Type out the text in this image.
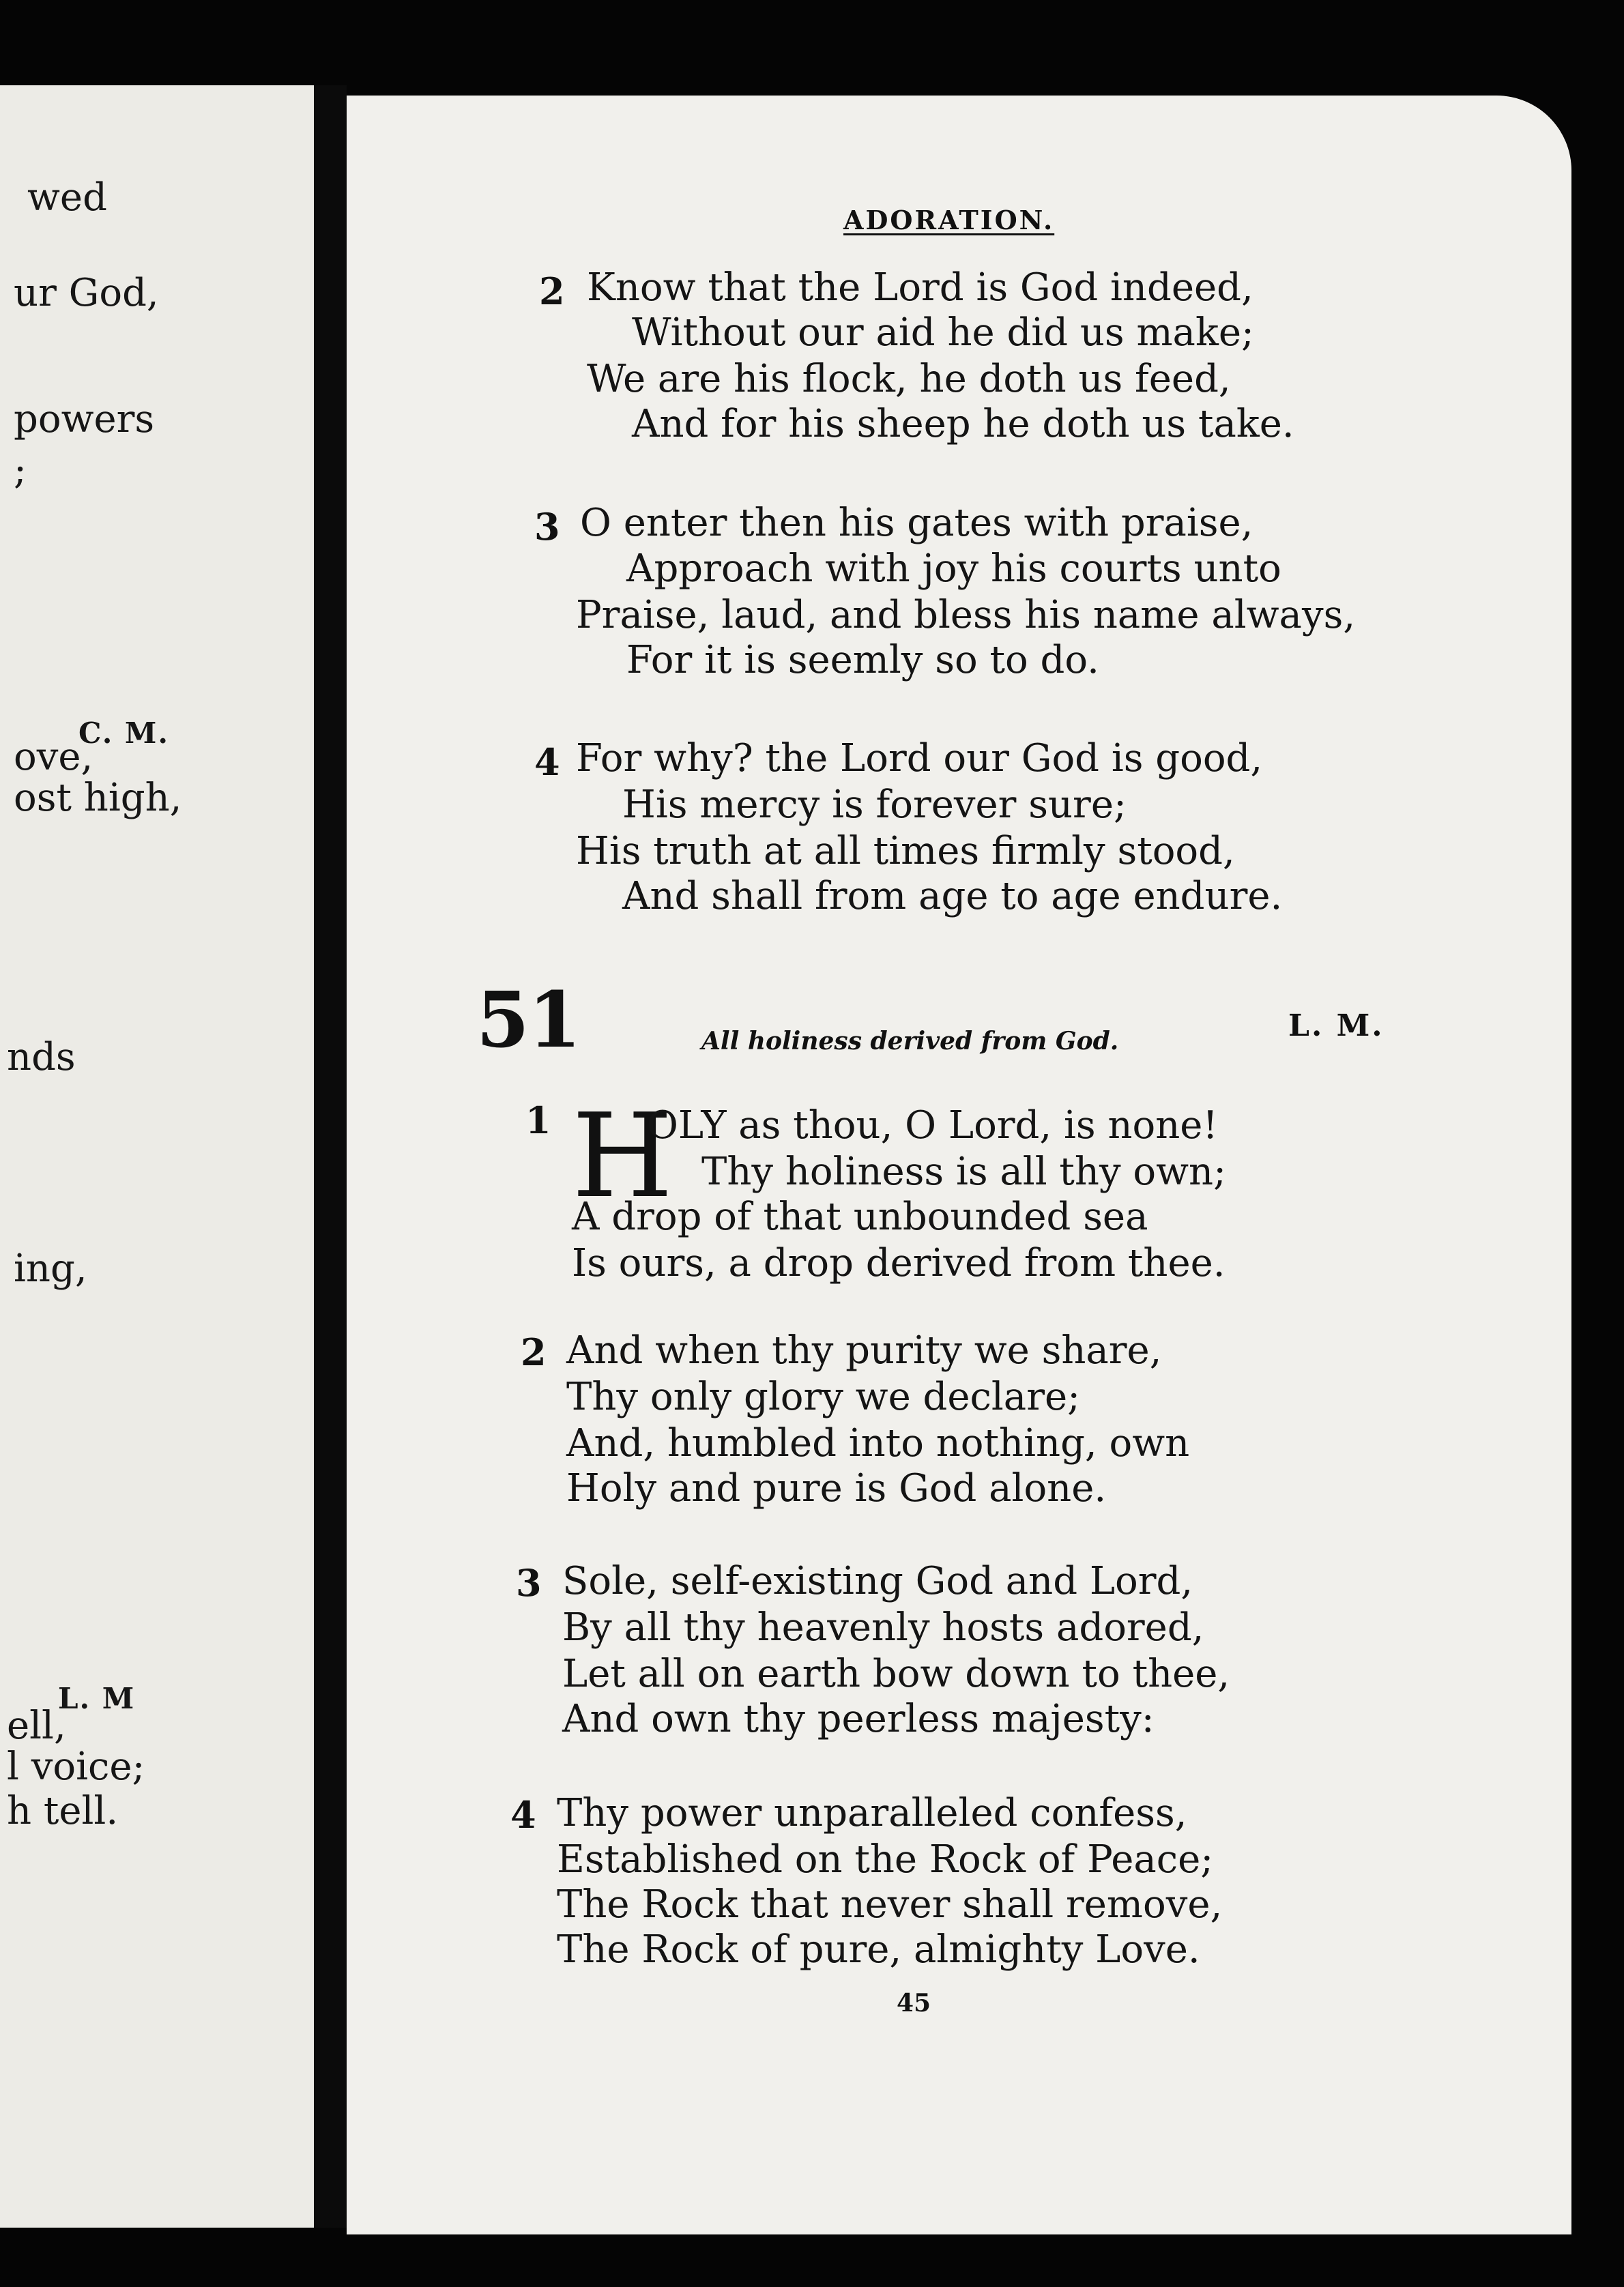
wed
ur God,
powers
;
C. M.
ove,
ost high,
nds
ing,
L. M
ell,
l voice;
h tell.
ADORATION.
2 Know that the Lord is God indeed,
Without our aid he did us make;
We are his flock, he doth us feed,
And for his sheep he doth us take.
3 O enter then his gates with praise,
Approach with joy his courts unto
Praise, laud, and bless his name always,
For it is seemly so to do.
4 For why? the Lord our God is good,
His mercy is forever sure;
His truth at all times firmly stood,
And shall from age to age endure.
51	All holiness derived from God.	L. M.
1 H
OLY as thou, O Lord, is none!
Thy holiness is all thy own;
A drop of that unbounded sea
Is ours, a drop derived from thee.
2 And when thy purity we share,
Thy only glory we declare;
And, humbled into nothing, own
Holy and pure is God alone.
3 Sole, self-existing God and Lord,
By all thy heavenly hosts adored,
Let all on earth bow down to thee,
And own thy peerless majesty:
4 Thy power unparalleled confess,
Established on the Rock of Peace;
The Rock that never shall remove,
The Rock of pure, almighty Love.
45
